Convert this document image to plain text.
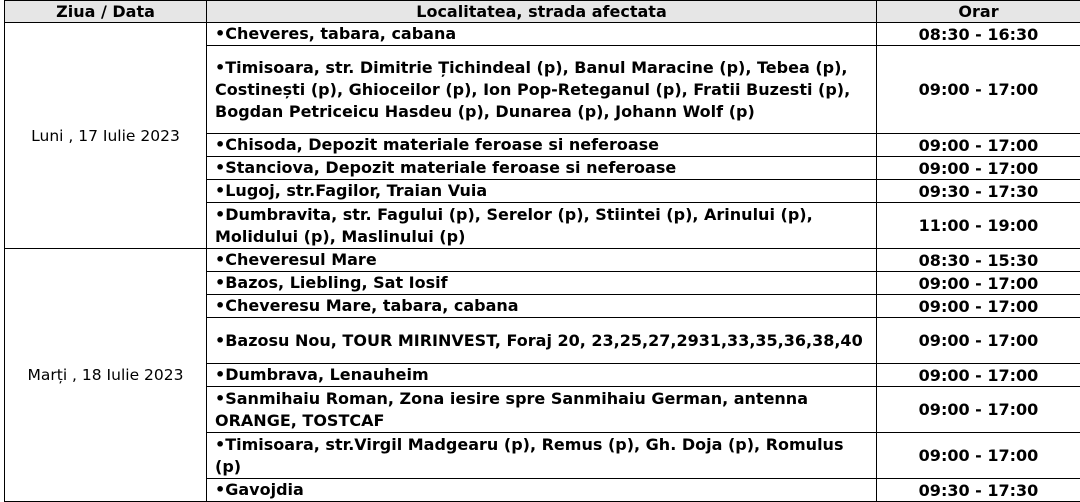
Ziua / Data	Localitatea, strada afectata	Orar
Luni , 17 Iulie 2023	•Cheveres, tabara, cabana	08:30 - 16:30
	•Timisoara, str. Dimitrie Țichindeal (p), Banul Maracine (p), Tebea (p), Costinești (p), Ghioceilor (p), Ion Pop-Reteganul (p), Fratii Buzesti (p), Bogdan Petriceicu Hasdeu (p), Dunarea (p), Johann Wolf (p)	09:00 - 17:00
	•Chisoda, Depozit materiale feroase si neferoase	09:00 - 17:00
	•Stanciova, Depozit materiale feroase si neferoase	09:00 - 17:00
	•Lugoj, str.Fagilor, Traian Vuia	09:30 - 17:30
	•Dumbravita, str. Fagului (p), Serelor (p), Stiintei (p), Arinului (p), Molidului (p), Maslinului (p)	11:00 - 19:00
Marți , 18 Iulie 2023	•Cheveresul Mare	08:30 - 15:30
	•Bazos, Liebling, Sat Iosif	09:00 - 17:00
	•Cheveresu Mare, tabara, cabana	09:00 - 17:00
	•Bazosu Nou, TOUR MIRINVEST, Foraj 20, 23,25,27,2931,33,35,36,38,40	09:00 - 17:00
	•Dumbrava, Lenauheim	09:00 - 17:00
	•Sanmihaiu Roman, Zona iesire spre Sanmihaiu German, antenna ORANGE, TOSTCAF	09:00 - 17:00
	•Timisoara, str.Virgil Madgearu (p), Remus (p), Gh. Doja (p), Romulus (p)	09:00 - 17:00
	•Gavojdia	09:30 - 17:30
